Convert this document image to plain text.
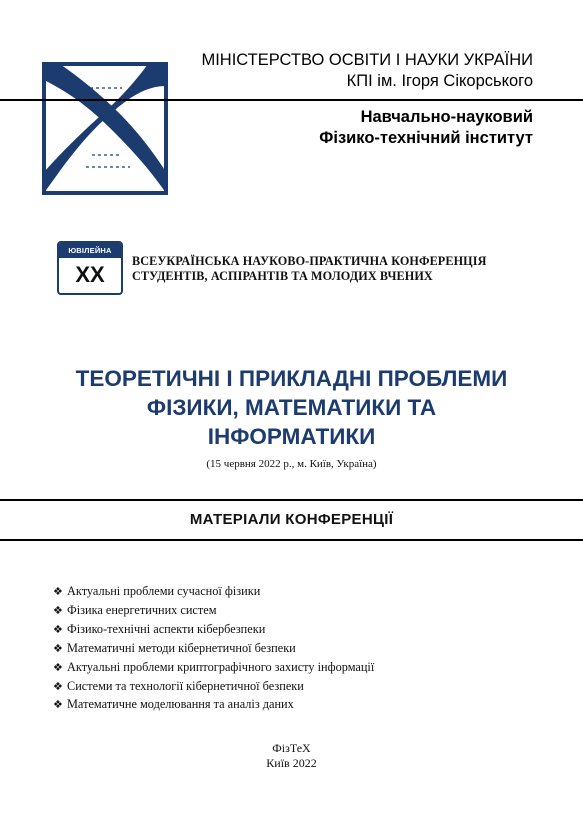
МІНІСТЕРСТВО ОСВІТИ І НАУКИ УКРАЇНИ
КПІ ім. Ігоря Сікорського
Навчально-науковий
Фізико-технічний інститут
ЮВІЛЕЙНА
XX
ВСЕУКРАЇНСЬКА НАУКОВО-ПРАКТИЧНА КОНФЕРЕНЦІЯ
СТУДЕНТІВ, АСПІРАНТІВ ТА МОЛОДИХ ВЧЕНИХ
ТЕОРЕТИЧНІ І ПРИКЛАДНІ ПРОБЛЕМИ
ФІЗИКИ, МАТЕМАТИКИ ТА
ІНФОРМАТИКИ
(15 червня 2022 р., м. Київ, Україна)
МАТЕРІАЛИ КОНФЕРЕНЦІЇ
❖ Актуальні проблеми сучасної фізики
❖ Фізика енергетичних систем
❖ Фізико-технічні аспекти кібербезпеки
❖ Математичні методи кібернетичної безпеки
❖ Актуальні проблеми криптографічного захисту інформації
❖ Системи та технології кібернетичної безпеки
❖ Математичне моделювання та аналіз даних
ФізТеХ
Київ 2022
